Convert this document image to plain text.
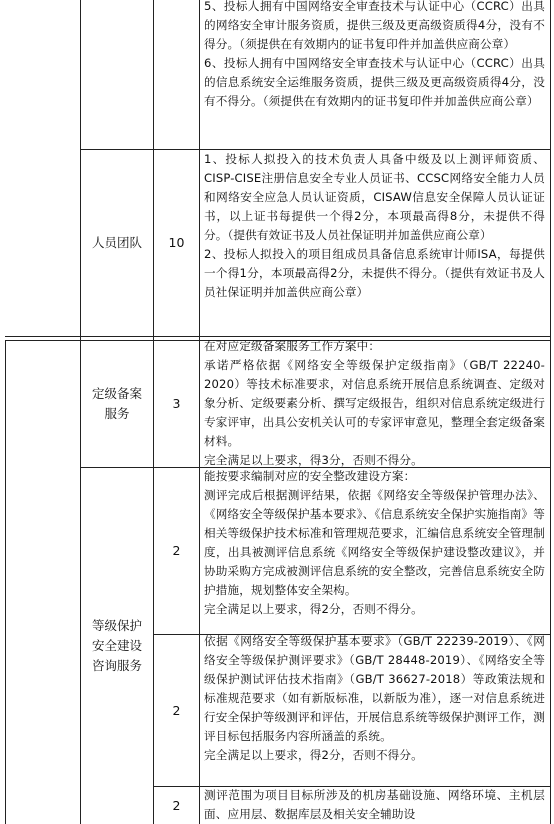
5、投标人拥有中国网络安全审查技术与认证中心（CCRC）出具的网络安全审计服务资质，提供三级及更高级资质得4分，没有不得分。（须提供在有效期内的证书复印件并加盖供应商公章）

6、投标人拥有中国网络安全审查技术与认证中心（CCRC）出具的信息系统安全运维服务资质，提供三级及更高级资质得4分，没有不得分。（须提供在有效期内的证书复印件并加盖供应商公章）

人员团队 10

1、投标人拟投入的技术负责人具备中级及以上测评师资质、CISP-CISE注册信息安全专业人员证书、CCSC网络安全能力人员和网络安全应急人员认证资质，CISAW信息安全保障人员认证证书，以上证书每提供一个得2分，本项最高得8分，未提供不得分。（提供有效证书及人员社保证明并加盖供应商公章）

2、投标人拟投入的项目组成员具备信息系统审计师ISA，每提供一个得1分，本项最高得2分，未提供不得分。（提供有效证书及人员社保证明并加盖供应商公章）

定级备案服务
3

在对应定级备案服务工作方案中：

承诺严格依据《网络安全等级保护定级指南》（GB/T 22240-2020）等技术标准要求，对信息系统开展信息系统调查、定级对象分析、定级要素分析、撰写定级报告，组织对信息系统定级进行专家评审，出具公安机关认可的专家评审意见，整理全套定级备案材料。

完全满足以上要求，得3分，否则不得分。

等级保护安全建设咨询服务
2

能按要求编制对应的安全整改建设方案：

测评完成后根据测评结果，依据《网络安全等级保护管理办法》、《网络安全等级保护基本要求》、《信息系统安全保护实施指南》等相关等级保护技术标准和管理规范要求，汇编信息系统安全管理制度，出具被测评信息系统《网络安全等级保护建设整改建议》，并协助采购方完成被测评信息系统的安全整改，完善信息系统安全防护措施，规划整体安全架构。

完全满足以上要求，得2分，否则不得分。

2

依据《网络安全等级保护基本要求》（GB/T 22239-2019）、《网络安全等级保护测评要求》（GB/T 28448-2019）、《网络安全等级保护测试评估技术指南》（GB/T 36627-2018）等政策法规和标准规范要求（如有新版标准，以新版为准），逐一对信息系统进行安全保护等级测评和评估，开展信息系统等级保护测评工作，测评目标包括服务内容所涵盖的系统。

完全满足以上要求，得2分，否则不得分。

2

测评范围为项目目标所涉及的机房基础设施、网络环境、主机层面、应用层、数据库层及相关安全辅助设
